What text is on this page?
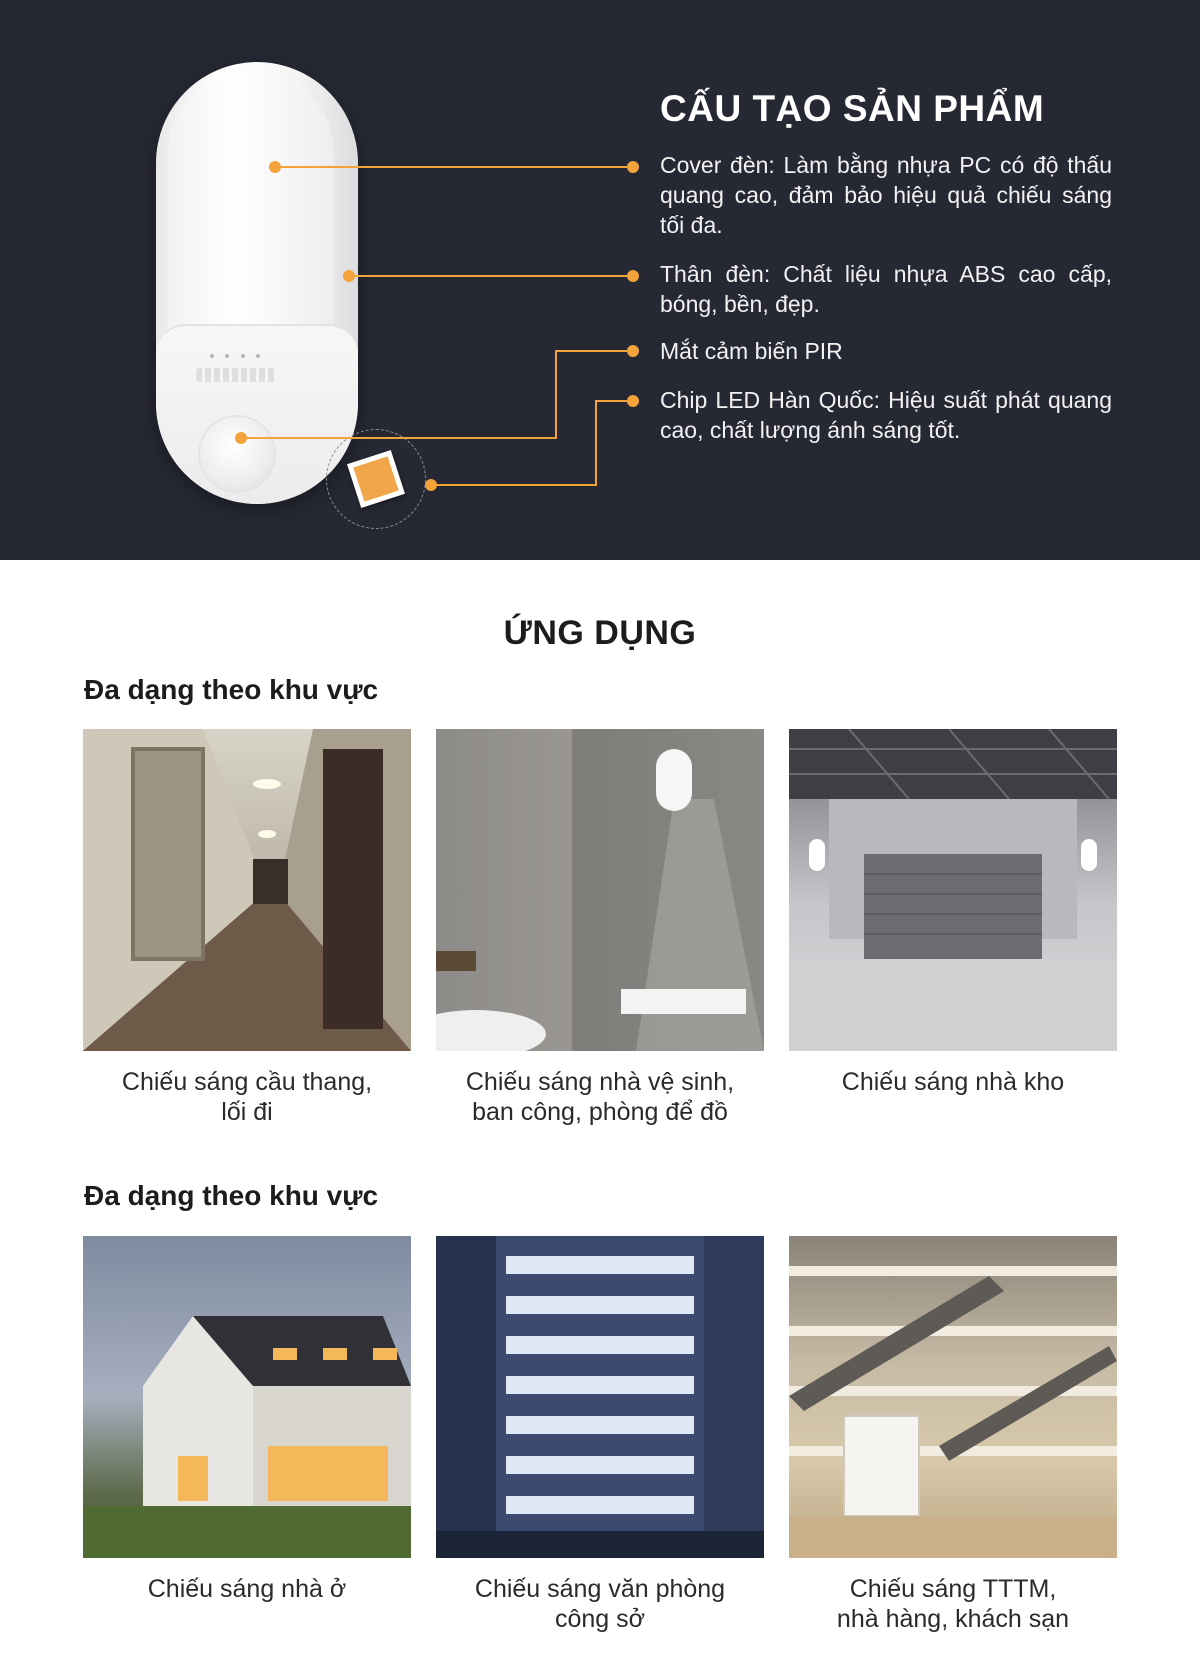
CẤU TẠO SẢN PHẨM

Cover đèn: Làm bằng nhựa PC có độ thấu quang cao, đảm bảo hiệu quả chiếu sáng tối đa.

Thân đèn: Chất liệu nhựa ABS cao cấp, bóng, bền, đẹp.

Mắt cảm biến PIR

Chip LED Hàn Quốc: Hiệu suất phát quang cao, chất lượng ánh sáng tốt.

ỨNG DỤNG
Đa dạng theo khu vực
Chiếu sáng cầu thang,
lối đi
Chiếu sáng nhà vệ sinh,
ban công, phòng để đồ
Chiếu sáng nhà kho
Đa dạng theo khu vực
Chiếu sáng nhà ở	Chiếu sáng văn phòng
công sở
Chiếu sáng TTTM,
nhà hàng, khách sạn
